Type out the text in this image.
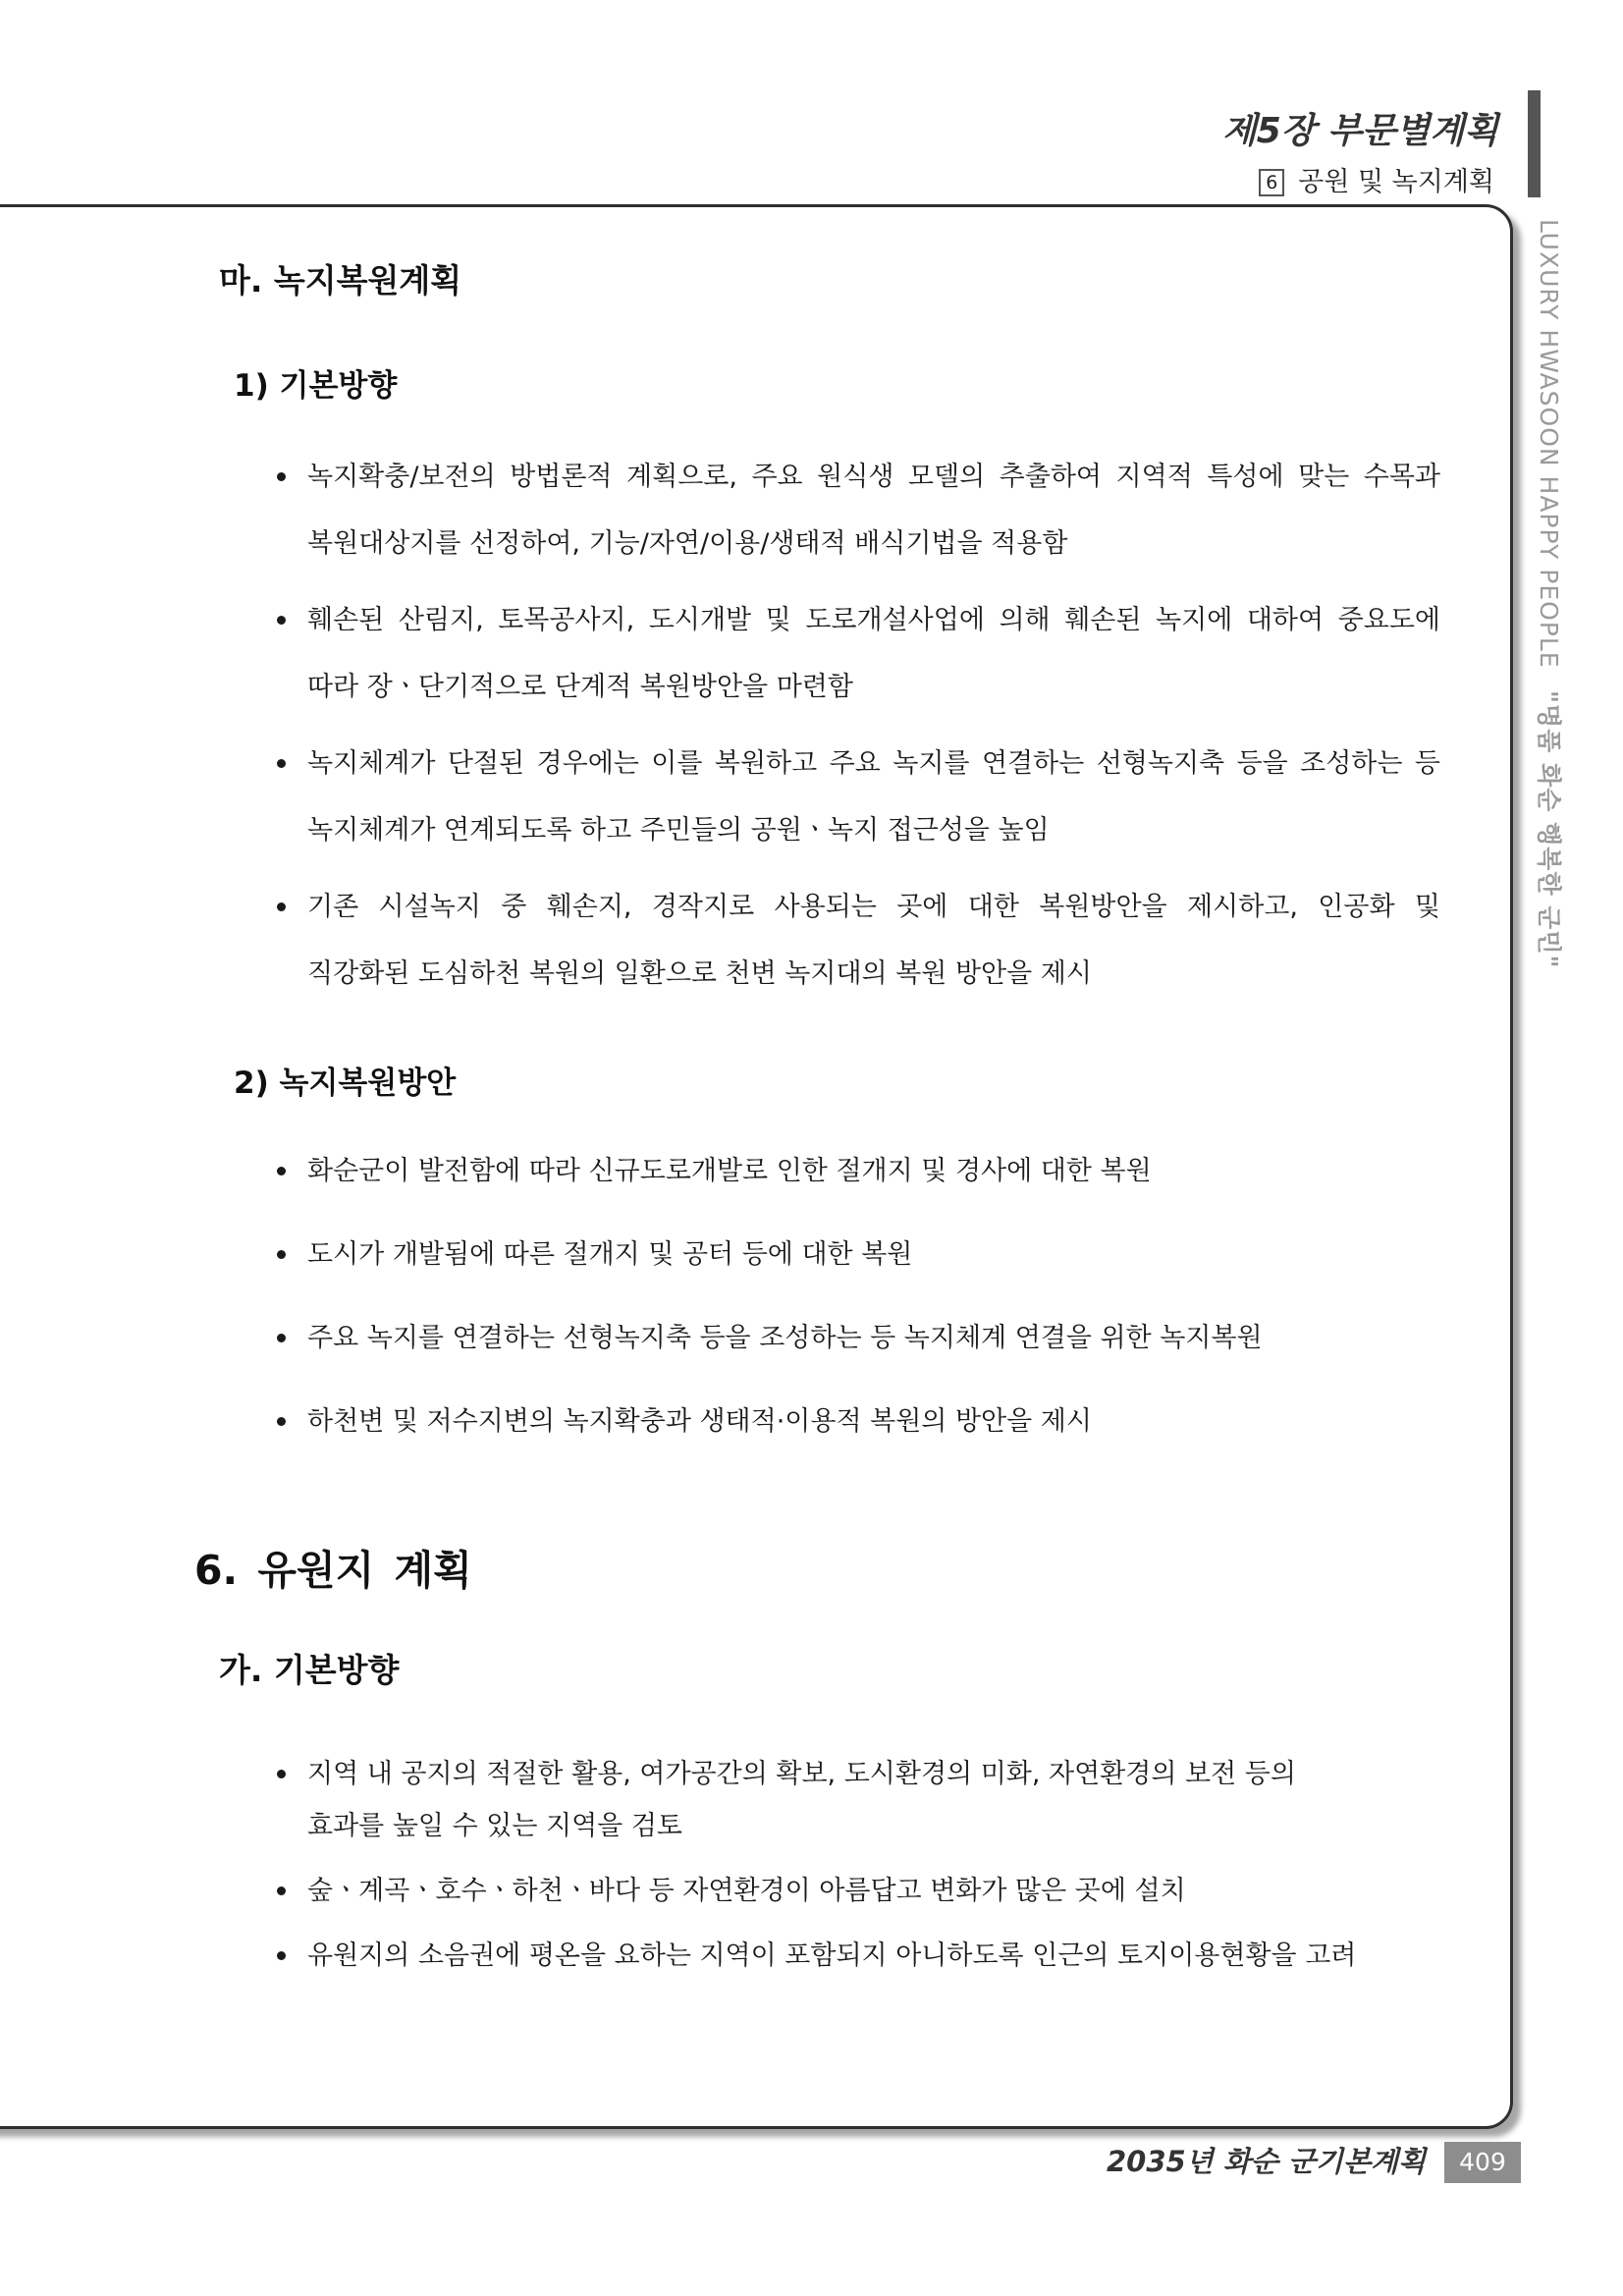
제5장 부문별계획
6 공원 및 녹지계획
LUXURY HWASOON HAPPY PEOPLE"명품 화순 행복한 군민"
마. 녹지복원계획
1) 기본방향
녹지확충/보전의 방법론적 계획으로, 주요 원식생 모델의 추출하여 지역적 특성에 맞는 수목과
복원대상지를 선정하여, 기능/자연/이용/생태적 배식기법을 적용함
훼손된 산림지, 토목공사지, 도시개발 및 도로개설사업에 의해 훼손된 녹지에 대하여 중요도에
따라 장ㆍ단기적으로 단계적 복원방안을 마련함
녹지체계가 단절된 경우에는 이를 복원하고 주요 녹지를 연결하는 선형녹지축 등을 조성하는 등
녹지체계가 연계되도록 하고 주민들의 공원ㆍ녹지 접근성을 높임
기존 시설녹지 중 훼손지, 경작지로 사용되는 곳에 대한 복원방안을 제시하고, 인공화 및
직강화된 도심하천 복원의 일환으로 천변 녹지대의 복원 방안을 제시
2) 녹지복원방안
화순군이 발전함에 따라 신규도로개발로 인한 절개지 및 경사에 대한 복원
도시가 개발됨에 따른 절개지 및 공터 등에 대한 복원
주요 녹지를 연결하는 선형녹지축 등을 조성하는 등 녹지체계 연결을 위한 녹지복원
하천변 및 저수지변의 녹지확충과 생태적·이용적 복원의 방안을 제시
6. 유원지 계획
가. 기본방향
지역 내 공지의 적절한 활용, 여가공간의 확보, 도시환경의 미화, 자연환경의 보전 등의
효과를 높일 수 있는 지역을 검토
숲ㆍ계곡ㆍ호수ㆍ하천ㆍ바다 등 자연환경이 아름답고 변화가 많은 곳에 설치
유원지의 소음권에 평온을 요하는 지역이 포함되지 아니하도록 인근의 토지이용현황을 고려
2035년 화순 군기본계획	409
